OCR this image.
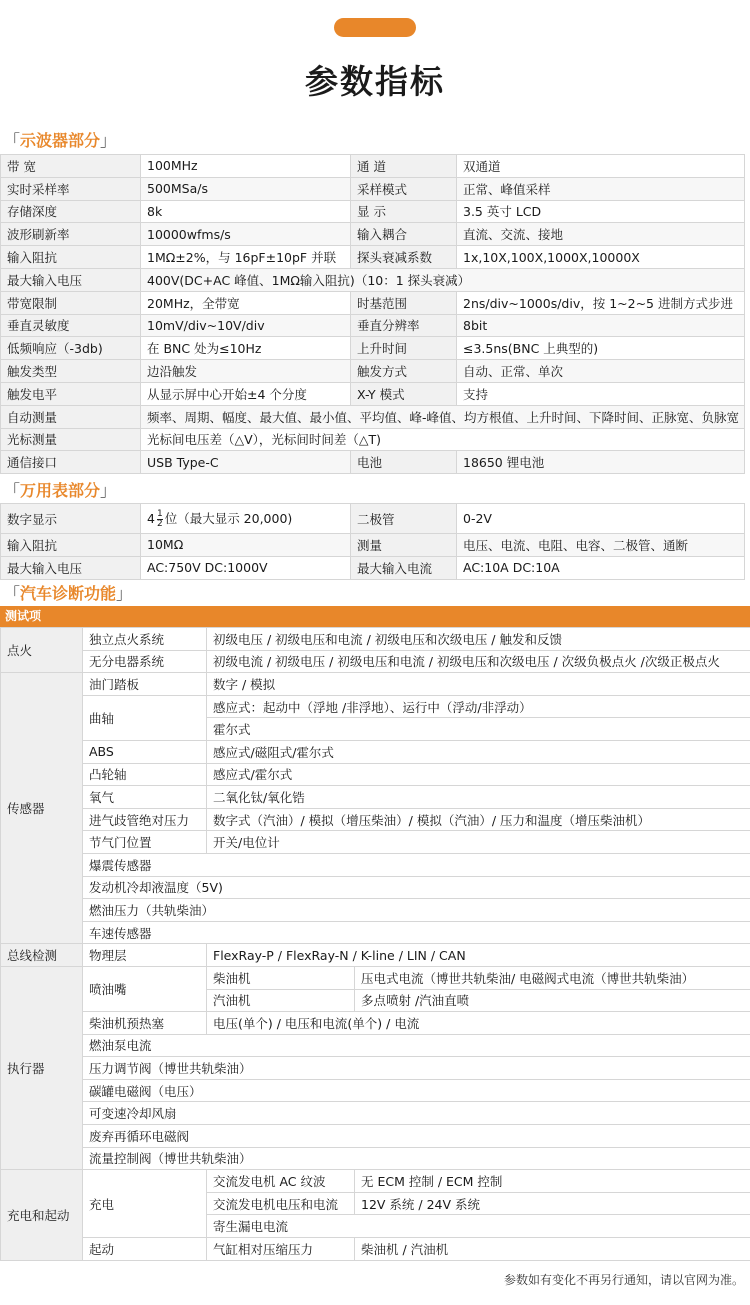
参数指标
「示波器部分」
带 宽	100MHz	通 道	双通道
实时采样率	500MSa/s	采样模式	正常、峰值采样
存储深度	8k	显 示	3.5 英寸 LCD
波形刷新率	10000wfms/s	输入耦合	直流、交流、接地
输入阻抗	1MΩ±2%，与 16pF±10pF 并联	探头衰减系数	1x,10X,100X,1000X,10000X
最大输入电压	400V(DC+AC 峰值、1MΩ输入阻抗)（10：1 探头衰减）		
带宽限制	20MHz，全带宽	时基范围	2ns/div~1000s/div，按 1~2~5 进制方式步进
垂直灵敏度	10mV/div~10V/div	垂直分辨率	8bit
低频响应（-3db)	在 BNC 处为≤10Hz	上升时间	≤3.5ns(BNC 上典型的)
触发类型	边沿触发	触发方式	自动、正常、单次
触发电平	从显示屏中心开始±4 个分度	X-Y 模式	支持
自动测量	频率、周期、幅度、最大值、最小值、平均值、峰-峰值、均方根值、上升时间、下降时间、正脉宽、负脉宽		
光标测量	光标间电压差（△V），光标间时间差（△T)		
通信接口	USB Type-C	电池	18650 锂电池
「万用表部分」
数字显示	$4 \frac{1}{2}$ 位（最大显示 20,000)	二极管	0-2V
输入阻抗	10MΩ	测量	电压、电流、电阻、电容、二极管、通断
最大输入电压	AC:750V DC:1000V	最大输入电流	AC:10A DC:10A
「汽车诊断功能」
测试项
点火	独立点火系统	初级电压 / 初级电压和电流 / 初级电压和次级电压 / 触发和反馈	
	无分电器系统	初级电流 / 初级电压 / 初级电压和电流 / 初级电压和次级电压 / 次级负极点火 /次级正极点火	
传感器	油门踏板	数字 / 模拟	
	曲轴	感应式：起动中（浮地 /非浮地）、运行中（浮动/非浮动）	
		霍尔式	
	ABS	感应式/磁阻式/霍尔式	
	凸轮轴	感应式/霍尔式	
	氧气	二氧化钛/氧化锆	
	进气歧管绝对压力	数字式（汽油）/ 模拟（增压柴油）/ 模拟（汽油）/ 压力和温度（增压柴油机）	
	节气门位置	开关/电位计	
	爆震传感器		
	发动机冷却液温度（5V)		
	燃油压力（共轨柴油）		
	车速传感器		
总线检测	物理层	FlexRay-P / FlexRay-N / K-line / LIN / CAN	
执行器	喷油嘴	柴油机	压电式电流（博世共轨柴油/ 电磁阀式电流（博世共轨柴油）
		汽油机	多点喷射 /汽油直喷
	柴油机预热塞	电压(单个) / 电压和电流(单个) / 电流	
	燃油泵电流		
	压力调节阀（博世共轨柴油）		
	碳罐电磁阀（电压）		
	可变速冷却风扇		
	废弃再循环电磁阀		
	流量控制阀（博世共轨柴油）		
充电和起动	充电	交流发电机 AC 纹波	无 ECM 控制 / ECM 控制
		交流发电机电压和电流	12V 系统 / 24V 系统
		寄生漏电电流	
	起动	气缸相对压缩压力	柴油机 / 汽油机
参数如有变化不再另行通知，请以官网为准。
